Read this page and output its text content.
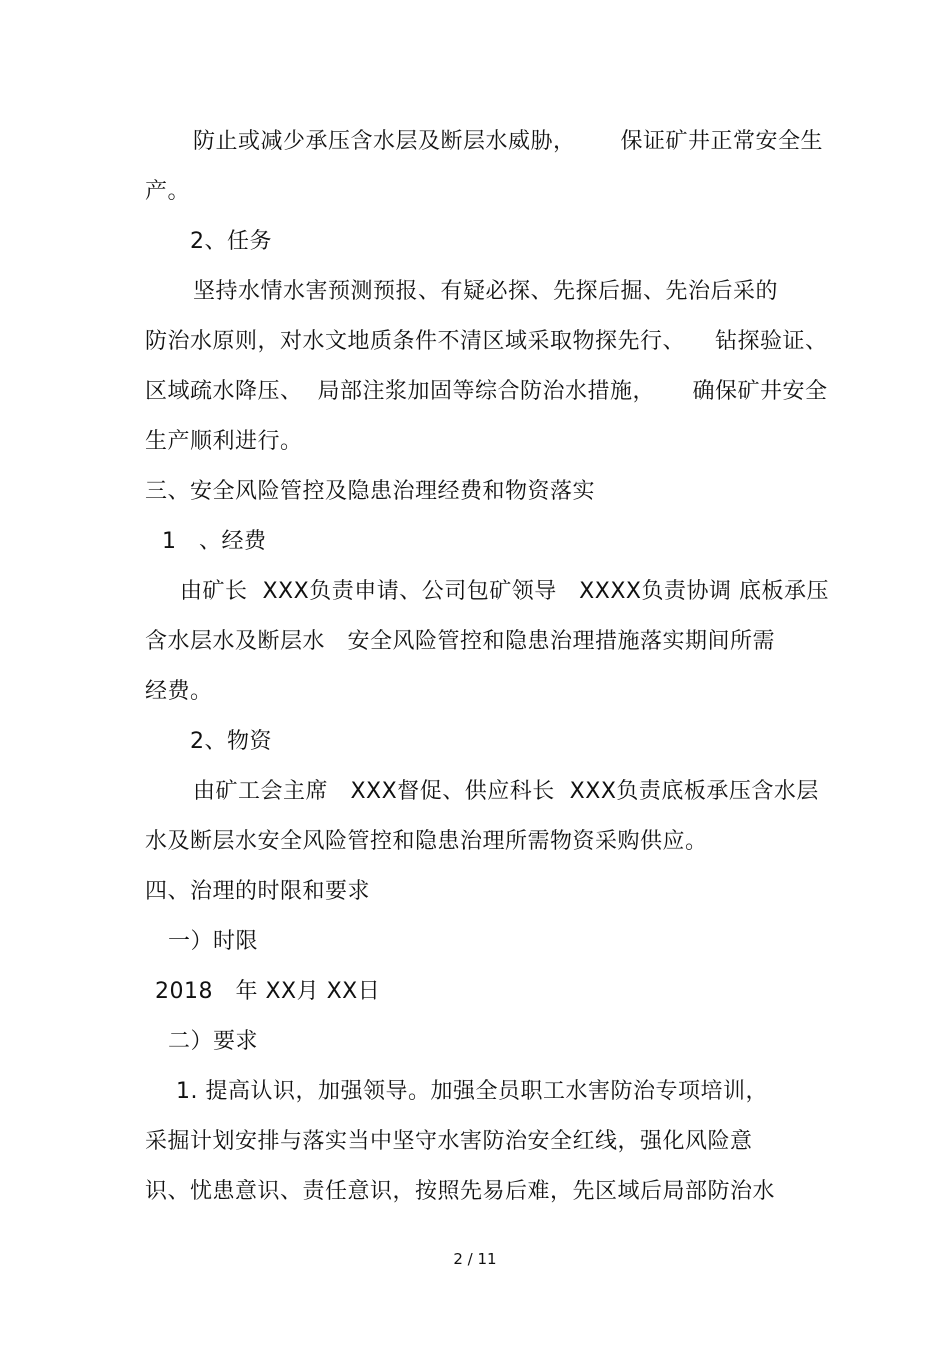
防止或减少承压含水层及断层水威胁，      保证矿井正常安全生
产。
2、任务
坚持水情水害预测预报、有疑必探、先探后掘、先治后采的
防治水原则，对水文地质条件不清区域采取物探先行、    钻探验证、
区域疏水降压、  局部注浆加固等综合防治水措施，     确保矿井安全
生产顺利进行。
三、安全风险管控及隐患治理经费和物资落实
1   、经费
由矿长  XXX负责申请、公司包矿领导   XXXX负责协调 底板承压
含水层水及断层水   安全风险管控和隐患治理措施落实期间所需
经费。
2、物资
由矿工会主席   XXX督促、供应科长  XXX负责底板承压含水层
水及断层水安全风险管控和隐患治理所需物资采购供应。
四、治理的时限和要求
一）时限
2018   年 XX月 XX日
二）要求
1. 提高认识，加强领导。加强全员职工水害防治专项培训，
采掘计划安排与落实当中坚守水害防治安全红线，强化风险意
识、忧患意识、责任意识，按照先易后难，先区域后局部防治水
2 / 11
